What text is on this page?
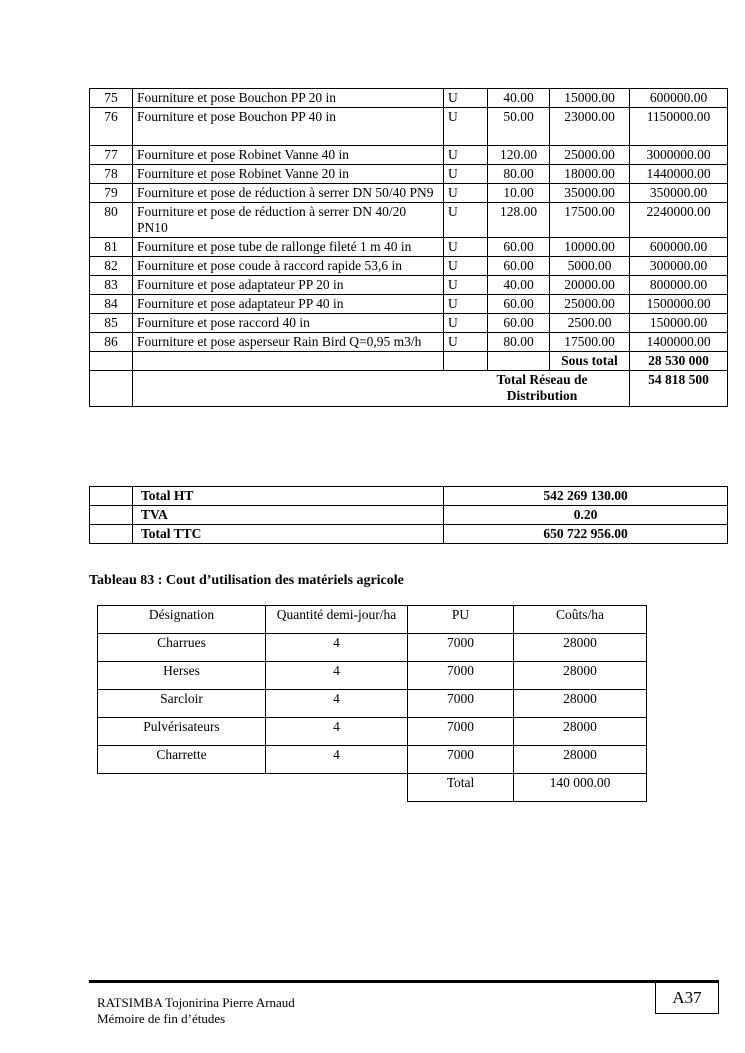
75	Fourniture et pose Bouchon PP 20 in	U	40.00	15000.00	600000.00
76	Fourniture et pose Bouchon PP 40 in	U	50.00	23000.00	1150000.00
77	Fourniture et pose Robinet Vanne 40 in	U	120.00	25000.00	3000000.00
78	Fourniture et pose Robinet Vanne 20 in	U	80.00	18000.00	1440000.00
79	Fourniture et pose de réduction à serrer DN 50/40 PN9	U	10.00	35000.00	350000.00
80	Fourniture et pose de réduction à serrer DN 40/20 PN10	U	128.00	17500.00	2240000.00
81	Fourniture et pose tube de rallonge fileté 1 m 40 in	U	60.00	10000.00	600000.00
82	Fourniture et pose coude à raccord rapide 53,6 in	U	60.00	5000.00	300000.00
83	Fourniture et pose adaptateur PP 20 in	U	40.00	20000.00	800000.00
84	Fourniture et pose adaptateur PP 40 in	U	60.00	25000.00	1500000.00
85	Fourniture et pose raccord 40 in	U	60.00	2500.00	150000.00
86	Fourniture et pose asperseur Rain Bird Q=0,95 m3/h	U	80.00	17500.00	1400000.00
				Sous total	28 530 000

	Total Réseau de Distribution				54 818 500
	Total HT	542 269 130.00
	TVA	0.20
	Total TTC	650 722 956.00
Tableau 83 : Cout d’utilisation des matériels agricole
Désignation	Quantité demi-jour/ha	PU	Coûts/ha
Charrues	4	7000	28000
Herses	4	7000	28000
Sarcloir	4	7000	28000
Pulvérisateurs	4	7000	28000
Charrette	4	7000	28000
		Total	140 000.00
A37
RATSIMBA Tojonirina Pierre Arnaud
Mémoire de fin d’études
